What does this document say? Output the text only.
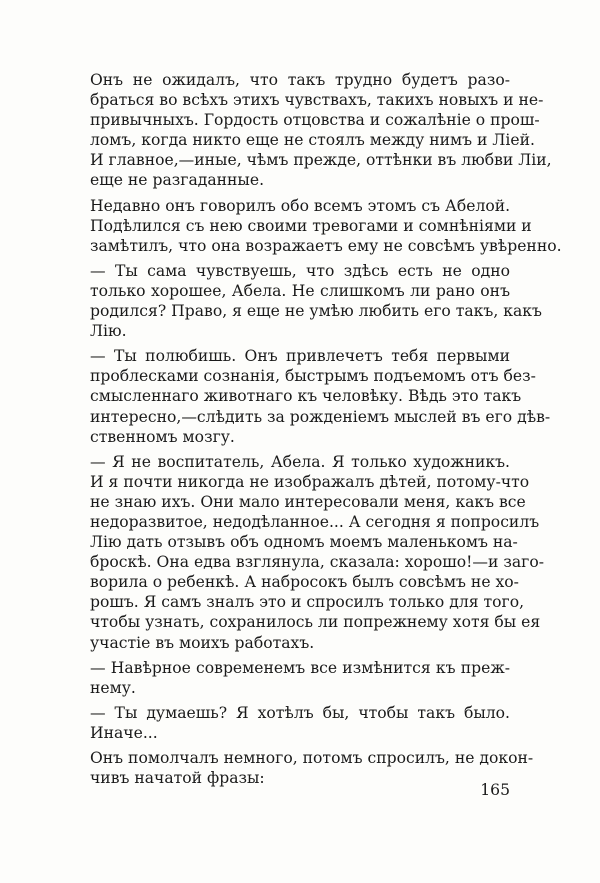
Онъ не ожидалъ, что такъ трудно будетъ разо-
браться во всѣхъ этихъ чувствахъ, такихъ новыхъ и не-
привычныхъ. Гордость отцовства и сожалѣніе о прош-
ломъ, когда никто еще не стоялъ между нимъ и Ліей.
И главное,—иные, чѣмъ прежде, оттѣнки въ любви Ліи,
еще не разгаданные.

Недавно онъ говорилъ обо всемъ этомъ съ Абелой.
Подѣлился съ нею своими тревогами и сомнѣніями и
замѣтилъ, что она возражаетъ ему не совсѣмъ увѣренно.

— Ты сама чувствуешь, что здѣсь есть не одно
только хорошее, Абела. Не слишкомъ ли рано онъ
родился? Право, я еще не умѣю любить его такъ, какъ
Лію.

— Ты полюбишь. Онъ привлечетъ тебя первыми
проблесками сознанія, быстрымъ подъемомъ отъ без-
смысленнаго животнаго къ человѣку. Вѣдь это такъ
интересно,—слѣдить за рожденіемъ мыслей въ его дѣв-
ственномъ мозгу.

— Я не воспитатель, Абела. Я только художникъ.
И я почти никогда не изображалъ дѣтей, потому-что
не знаю ихъ. Они мало интересовали меня, какъ все
недоразвитое, недодѣланное... А сегодня я попросилъ
Лію дать отзывъ объ одномъ моемъ маленькомъ на-
броскѣ. Она едва взглянула, сказала: хорошо!—и заго-
ворила о ребенкѣ. А набросокъ былъ совсѣмъ не хо-
рошъ. Я самъ зналъ это и спросилъ только для того,
чтобы узнать, сохранилось ли попрежнему хотя бы ея
участіе въ моихъ работахъ.

— Навѣрное современемъ все измѣнится къ преж-
нему.

— Ты думаешь? Я хотѣлъ бы, чтобы такъ было.
Иначе...

Онъ помолчалъ немного, потомъ спросилъ, не докон-
чивъ начатой фразы:

165
